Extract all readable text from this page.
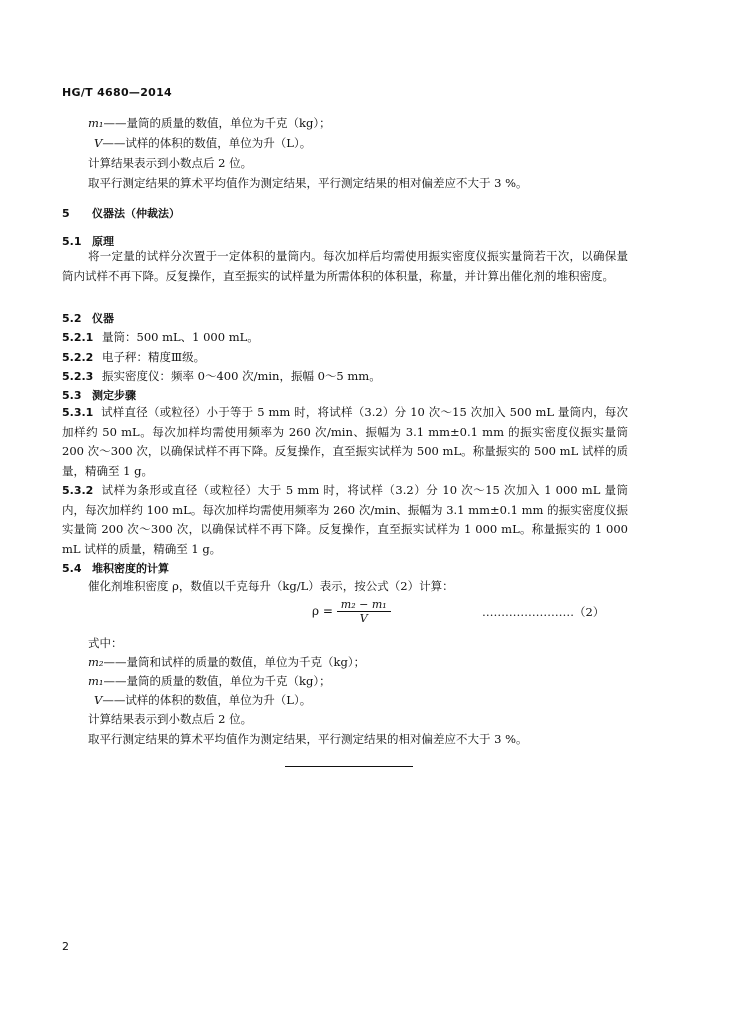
HG/T 4680—2014
m₁——量筒的质量的数值，单位为千克（kg）；
V——试样的体积的数值，单位为升（L）。
计算结果表示到小数点后 2 位。
取平行测定结果的算术平均值作为测定结果，平行测定结果的相对偏差应不大于 3 %。
5 仪器法（仲裁法）
5.1 原理
将一定量的试样分次置于一定体积的量筒内。每次加样后均需使用振实密度仪振实量筒若干次，以确保量筒内试样不再下降。反复操作，直至振实的试样量为所需体积的体积量，称量，并计算出催化剂的堆积密度。
5.2 仪器
5.2.1 量筒：500 mL、1 000 mL。
5.2.2 电子秤：精度Ⅲ级。
5.2.3 振实密度仪：频率 0～400 次/min，振幅 0～5 mm。
5.3 测定步骤
5.3.1 试样直径（或粒径）小于等于 5 mm 时，将试样（3.2）分 10 次～15 次加入 500 mL 量筒内，每次加样约 50 mL。每次加样均需使用频率为 260 次/min、振幅为 3.1 mm±0.1 mm 的振实密度仪振实量筒 200 次～300 次，以确保试样不再下降。反复操作，直至振实试样为 500 mL。称量振实的 500 mL 试样的质量，精确至 1 g。
5.3.2 试样为条形或直径（或粒径）大于 5 mm 时，将试样（3.2）分 10 次～15 次加入 1 000 mL 量筒内，每次加样约 100 mL。每次加样均需使用频率为 260 次/min、振幅为 3.1 mm±0.1 mm 的振实密度仪振实量筒 200 次～300 次，以确保试样不再下降。反复操作，直至振实试样为 1 000 mL。称量振实的 1 000 mL 试样的质量，精确至 1 g。
5.4 堆积密度的计算
催化剂堆积密度 ρ，数值以千克每升（kg/L）表示，按公式（2）计算：
$\rho = \frac{\text{m₂ − m₁}}{V}$	……………………（2）
式中：
m₂——量筒和试样的质量的数值，单位为千克（kg）；
m₁——量筒的质量的数值，单位为千克（kg）；
V——试样的体积的数值，单位为升（L）。
计算结果表示到小数点后 2 位。
取平行测定结果的算术平均值作为测定结果，平行测定结果的相对偏差应不大于 3 %。
2
